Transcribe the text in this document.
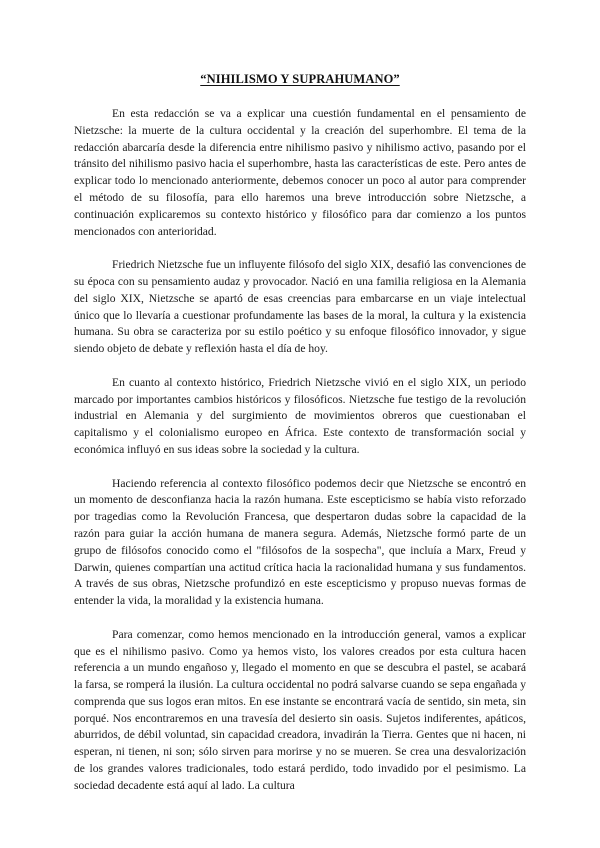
“NIHILISMO Y SUPRAHUMANO”

En esta redacción se va a explicar una cuestión fundamental en el pensamiento de Nietzsche: la muerte de la cultura occidental y la creación del superhombre. El tema de la redacción abarcaría desde la diferencia entre nihilismo pasivo y nihilismo activo, pasando por el tránsito del nihilismo pasivo hacia el superhombre, hasta las características de este. Pero antes de explicar todo lo mencionado anteriormente, debemos conocer un poco al autor para comprender el método de su filosofía, para ello haremos una breve introducción sobre Nietzsche, a continuación explicaremos su contexto histórico y filosófico para dar comienzo a los puntos mencionados con anterioridad.

Friedrich Nietzsche fue un influyente filósofo del siglo XIX, desafió las convenciones de su época con su pensamiento audaz y provocador. Nació en una familia religiosa en la Alemania del siglo XIX, Nietzsche se apartó de esas creencias para embarcarse en un viaje intelectual único que lo llevaría a cuestionar profundamente las bases de la moral, la cultura y la existencia humana. Su obra se caracteriza por su estilo poético y su enfoque filosófico innovador, y sigue siendo objeto de debate y reflexión hasta el día de hoy.

En cuanto al contexto histórico, Friedrich Nietzsche vivió en el siglo XIX, un periodo marcado por importantes cambios históricos y filosóficos. Nietzsche fue testigo de la revolución industrial en Alemania y del surgimiento de movimientos obreros que cuestionaban el capitalismo y el colonialismo europeo en África. Este contexto de transformación social y económica influyó en sus ideas sobre la sociedad y la cultura.

Haciendo referencia al contexto filosófico podemos decir que Nietzsche se encontró en un momento de desconfianza hacia la razón humana. Este escepticismo se había visto reforzado por tragedias como la Revolución Francesa, que despertaron dudas sobre la capacidad de la razón para guiar la acción humana de manera segura. Además, Nietzsche formó parte de un grupo de filósofos conocido como el "filósofos de la sospecha", que incluía a Marx, Freud y Darwin, quienes compartían una actitud crítica hacia la racionalidad humana y sus fundamentos. A través de sus obras, Nietzsche profundizó en este escepticismo y propuso nuevas formas de entender la vida, la moralidad y la existencia humana.

Para comenzar, como hemos mencionado en la introducción general, vamos a explicar que es el nihilismo pasivo. Como ya hemos visto, los valores creados por esta cultura hacen referencia a un mundo engañoso y, llegado el momento en que se descubra el pastel, se acabará la farsa, se romperá la ilusión. La cultura occidental no podrá salvarse cuando se sepa engañada y comprenda que sus logos eran mitos. En ese instante se encontrará vacía de sentido, sin meta, sin porqué. Nos encontraremos en una travesía del desierto sin oasis. Sujetos indiferentes, apáticos, aburridos, de débil voluntad, sin capacidad creadora, invadirán la Tierra. Gentes que ni hacen, ni esperan, ni tienen, ni son; sólo sirven para morirse y no se mueren. Se crea una desvalorización de los grandes valores tradicionales, todo estará perdido, todo invadido por el pesimismo. La sociedad decadente está aquí al lado. La cultura
